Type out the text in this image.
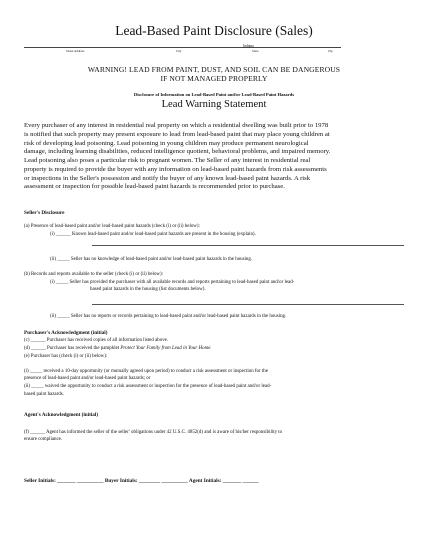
Lead-Based Paint Disclosure (Sales)
Indiana
Street Address	City	State	Zip
WARNING! LEAD FROM PAINT, DUST, AND SOIL CAN BE DANGEROUS
IF NOT MANAGED PROPERLY
Disclosure of Information on Lead-Based Paint and/or Lead-Based Paint Hazards
Lead Warning Statement
Every purchaser of any interest in residential real property on which a residential dwelling was built prior to 1978
is notified that such property may present exposure to lead from lead-based paint that may place young children at
risk of developing lead poisoning. Lead poisoning in young children may produce permanent neurological
damage, including learning disabilities, reduced intelligence quotient, behavioral problems, and impaired memory.
Lead poisoning also poses a particular risk to pregnant women. The Seller of any interest in residential real
property is required to provide the buyer with any information on lead-based paint hazards from risk assessments
or inspections in the Seller's possession and notify the buyer of any known lead-based paint hazards. A risk
assessment or inspection for possible lead-based paint hazards is recommended prior to purchase.
Seller's Disclosure
(a) Presence of lead-based paint and/or lead-based paint hazards (check (i) or (ii) below):
(i) ______ Known lead-based paint and/or lead-based paint hazards are present in the housing (explain).
(ii) _____ Seller has no knowledge of lead-based paint and/or lead-based paint hazards in the housing.
(b) Records and reports available to the seller (check (i) or (ii) below):
(i) _____ Seller has provided the purchaser with all available records and reports pertaining to lead-based paint and/or lead-
based paint hazards in the housing (list documents below).
(ii) _____ Seller has no reports or records pertaining to lead-based paint and/or lead-based paint hazards in the housing.
Purchaser's Acknowledgment (initial)
(c) ______ Purchaser has received copies of all information listed above.
(d) ______ Purchaser has received the pamphlet Protect Your Family from Lead in Your Home.
(e) Purchaser has (check (i) or (ii) below):
(i) _____ received a 10-day opportunity (or mutually agreed upon period) to conduct a risk assessment or inspection for the
presence of lead-based paint and/or lead-based paint hazards; or
(ii) _____ waived the opportunity to conduct a risk assessment or inspection for the presence of lead-based paint and/or lead-
based paint hazards.
Agent's Acknowledgment (initial)
(f) ______ Agent has informed the seller of the seller' obligations under 42 U.S.C. 4852(d) and is aware of his/her responsibility to
ensure compliance.
Seller Initials: _______ __________ Buyer Initials: ________ __________ Agent Initials: _______ ______
